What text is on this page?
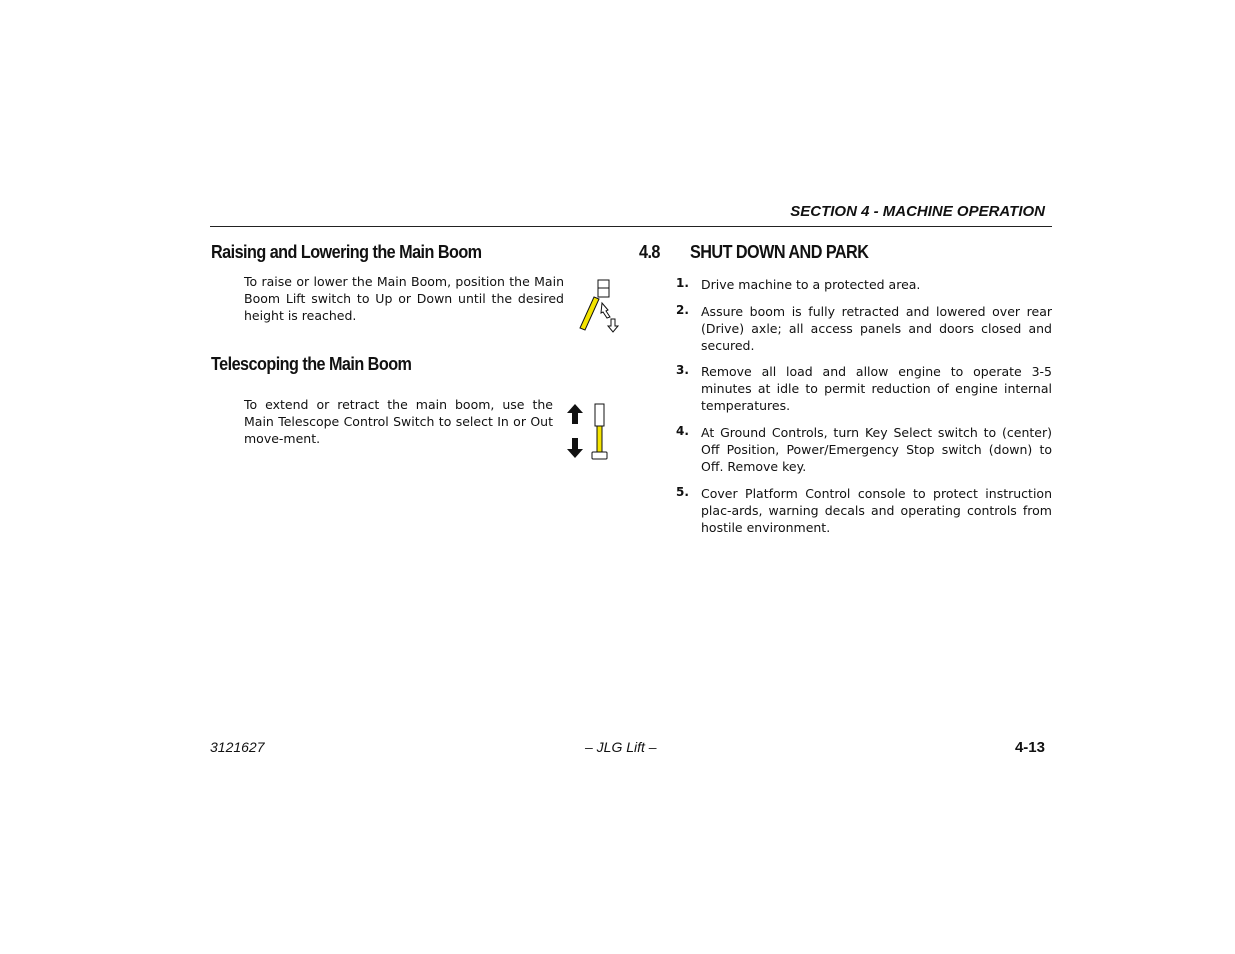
SECTION 4 - MACHINE OPERATION
Raising and Lowering the Main Boom
To raise or lower the Main Boom, position the Main Boom Lift switch to Up or Down until the desired height is reached.
Telescoping the Main Boom
To extend or retract the main boom, use the Main Telescope Control Switch to select In or Out move-ment.
4.8 SHUT DOWN AND PARK
1. Drive machine to a protected area.
2. Assure boom is fully retracted and lowered over rear (Drive) axle; all access panels and doors closed and secured.
3. Remove all load and allow engine to operate 3-5 minutes at idle to permit reduction of engine internal temperatures.
4. At Ground Controls, turn Key Select switch to (center) Off Position, Power/Emergency Stop switch (down) to Off. Remove key.
5. Cover Platform Control console to protect instruction plac-ards, warning decals and operating controls from hostile environment.
3121627	– JLG Lift –	4-13
